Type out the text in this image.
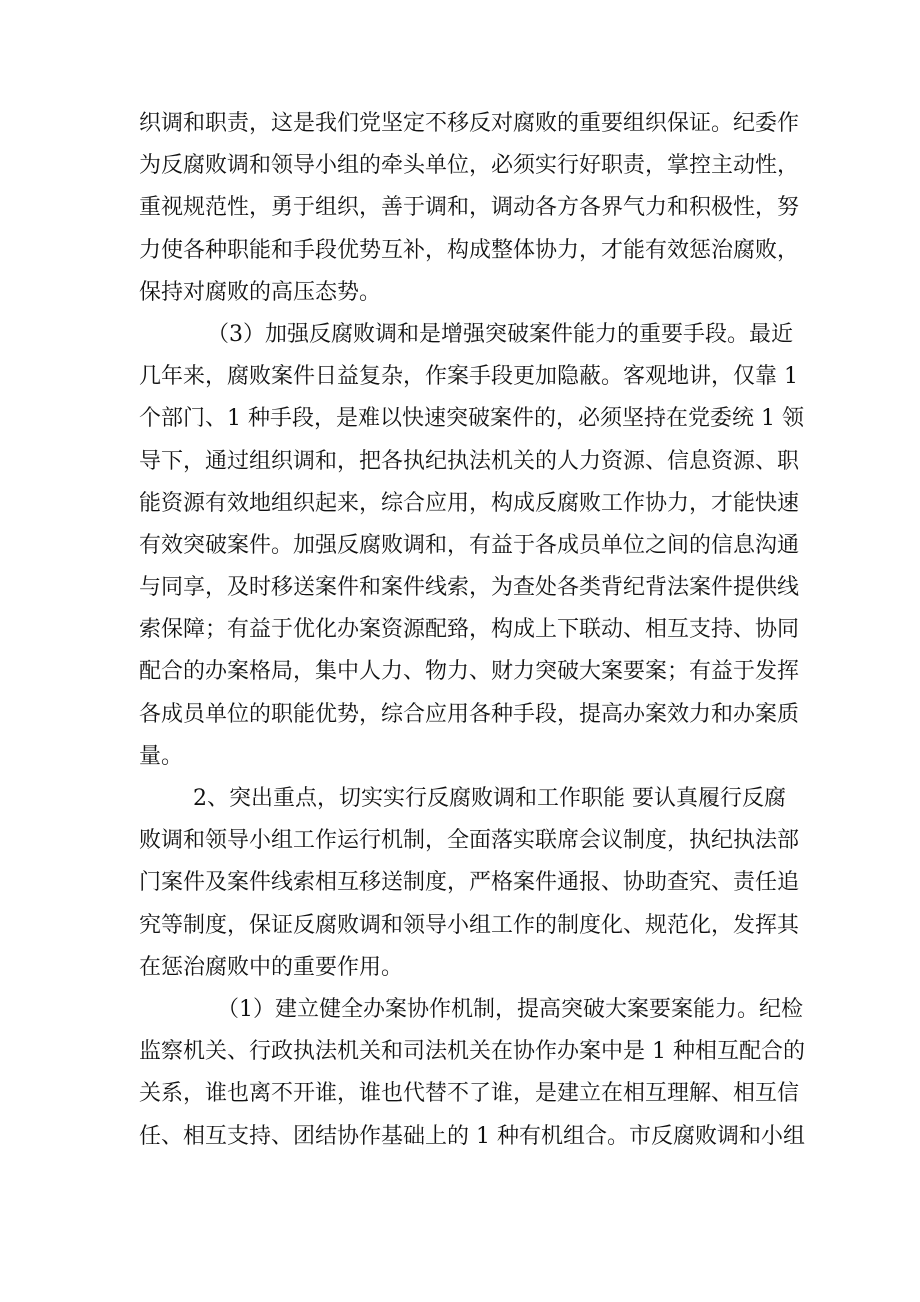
织调和职责，这是我们党坚定不移反对腐败的重要组织保证。纪委作
为反腐败调和领导小组的牵头单位，必须实行好职责，掌控主动性，
重视规范性，勇于组织，善于调和，调动各方各界气力和积极性，努
力使各种职能和手段优势互补，构成整体协力，才能有效惩治腐败，
保持对腐败的高压态势。
（3）加强反腐败调和是增强突破案件能力的重要手段。最近
几年来，腐败案件日益复杂，作案手段更加隐蔽。客观地讲，仅靠 1
个部门、1 种手段，是难以快速突破案件的，必须坚持在党委统 1 领
导下，通过组织调和，把各执纪执法机关的人力资源、信息资源、职
能资源有效地组织起来，综合应用，构成反腐败工作协力，才能快速
有效突破案件。加强反腐败调和，有益于各成员单位之间的信息沟通
与同享，及时移送案件和案件线索，为查处各类背纪背法案件提供线
索保障；有益于优化办案资源配臵，构成上下联动、相互支持、协同
配合的办案格局，集中人力、物力、财力突破大案要案；有益于发挥
各成员单位的职能优势，综合应用各种手段，提高办案效力和办案质
量。
2、突出重点，切实实行反腐败调和工作职能 要认真履行反腐
败调和领导小组工作运行机制，全面落实联席会议制度，执纪执法部
门案件及案件线索相互移送制度，严格案件通报、协助查究、责任追
究等制度，保证反腐败调和领导小组工作的制度化、规范化，发挥其
在惩治腐败中的重要作用。
（1）建立健全办案协作机制，提高突破大案要案能力。纪检
监察机关、行政执法机关和司法机关在协作办案中是 1 种相互配合的
关系，谁也离不开谁，谁也代替不了谁，是建立在相互理解、相互信
任、相互支持、团结协作基础上的 1 种有机组合。市反腐败调和小组
